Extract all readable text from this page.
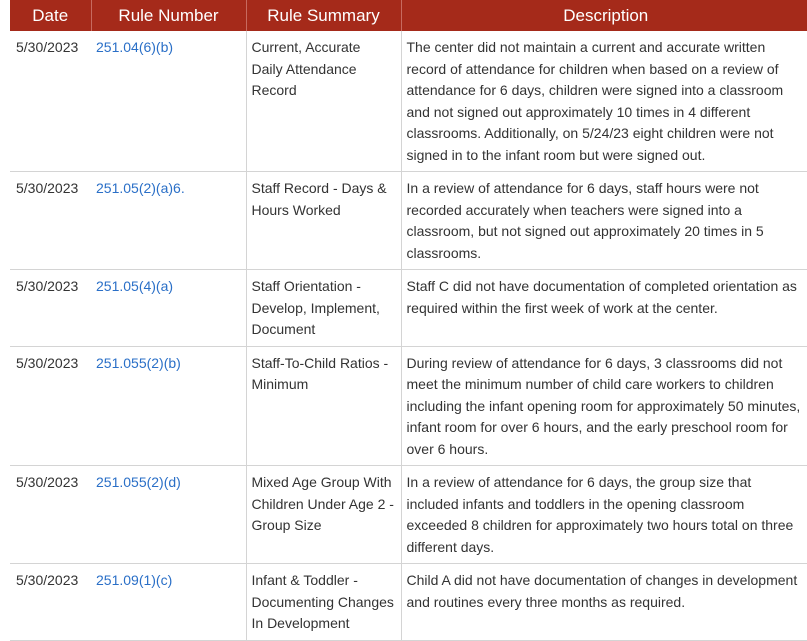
Date	Rule Number	Rule Summary	Description
5/30/2023	251.04(6)(b)	Current, Accurate Daily Attendance Record	The center did not maintain a current and accurate written record of attendance for children when based on a review of attendance for 6 days, children were signed into a classroom and not signed out approximately 10 times in 4 different classrooms. Additionally, on 5/24/23 eight children were not signed in to the infant room but were signed out.
5/30/2023	251.05(2)(a)6.	Staff Record - Days & Hours Worked	In a review of attendance for 6 days, staff hours were not recorded accurately when teachers were signed into a classroom, but not signed out approximately 20 times in 5 classrooms.
5/30/2023	251.05(4)(a)	Staff Orientation - Develop, Implement, Document	Staff C did not have documentation of completed orientation as required within the first week of work at the center.
5/30/2023	251.055(2)(b)	Staff-To-Child Ratios - Minimum	During review of attendance for 6 days, 3 classrooms did not meet the minimum number of child care workers to children including the infant opening room for approximately 50 minutes, infant room for over 6 hours, and the early preschool room for over 6 hours.
5/30/2023	251.055(2)(d)	Mixed Age Group With Children Under Age 2 - Group Size	In a review of attendance for 6 days, the group size that included infants and toddlers in the opening classroom exceeded 8 children for approximately two hours total on three different days.
5/30/2023	251.09(1)(c)	Infant & Toddler - Documenting Changes In Development	Child A did not have documentation of changes in development and routines every three months as required.
